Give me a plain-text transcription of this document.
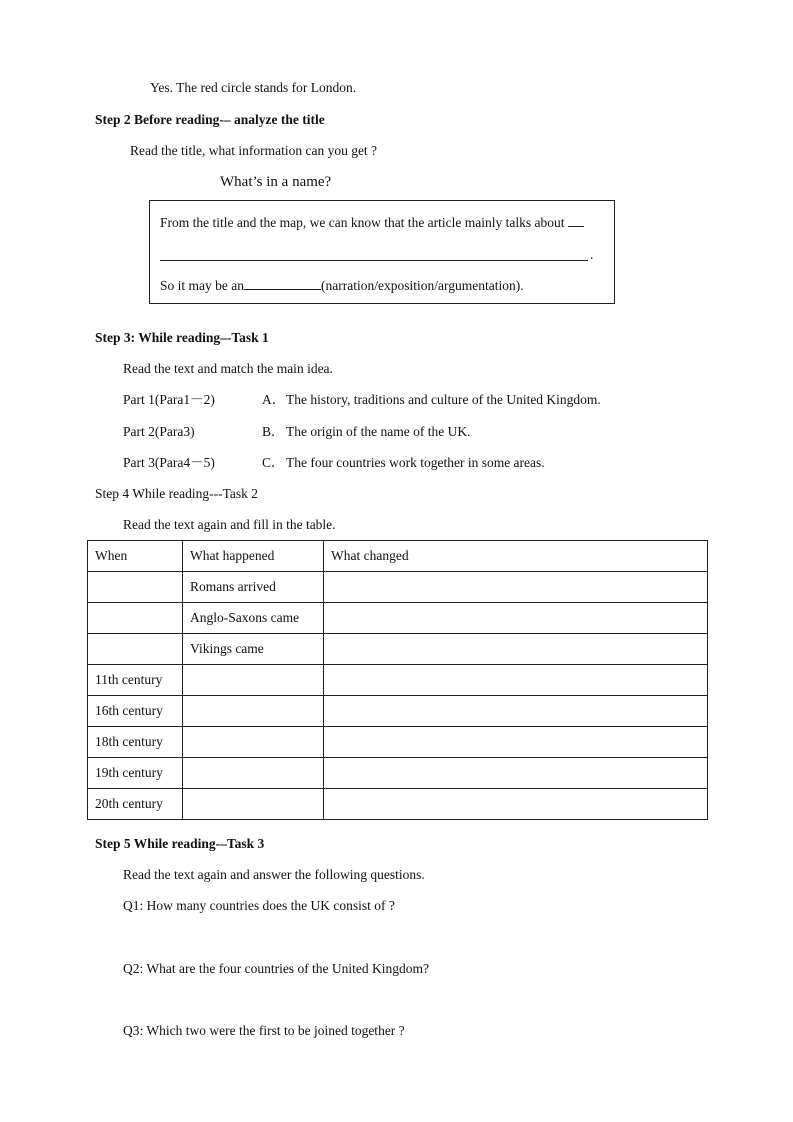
Yes. The red circle stands for London.
Step 2 Before reading-– analyze the title
Read the title, what information can you get ?
What’s in a name?
From the title and the map, we can know that the article mainly talks about
.
So it may be an	(narration/exposition/argumentation).
Step 3: While reading–-Task 1
Read the text and match the main idea.
Part 1(Para1－2)	A．The history, traditions and culture of the United Kingdom.
Part 2(Para3)	B．The origin of the name of the UK.
Part 3(Para4－5)	C．The four countries work together in some areas.
Step 4 While reading---Task 2
Read the text again and fill in the table.
When	What happened	What changed
	Romans arrived	
	Anglo-Saxons came	
	Vikings came	
11th century		
16th century		
18th century		
19th century		
20th century		
Step 5 While reading-–Task 3
Read the text again and answer the following questions.
Q1: How many countries does the UK consist of ?
Q2: What are the four countries of the United Kingdom?
Q3: Which two were the first to be joined together ?
